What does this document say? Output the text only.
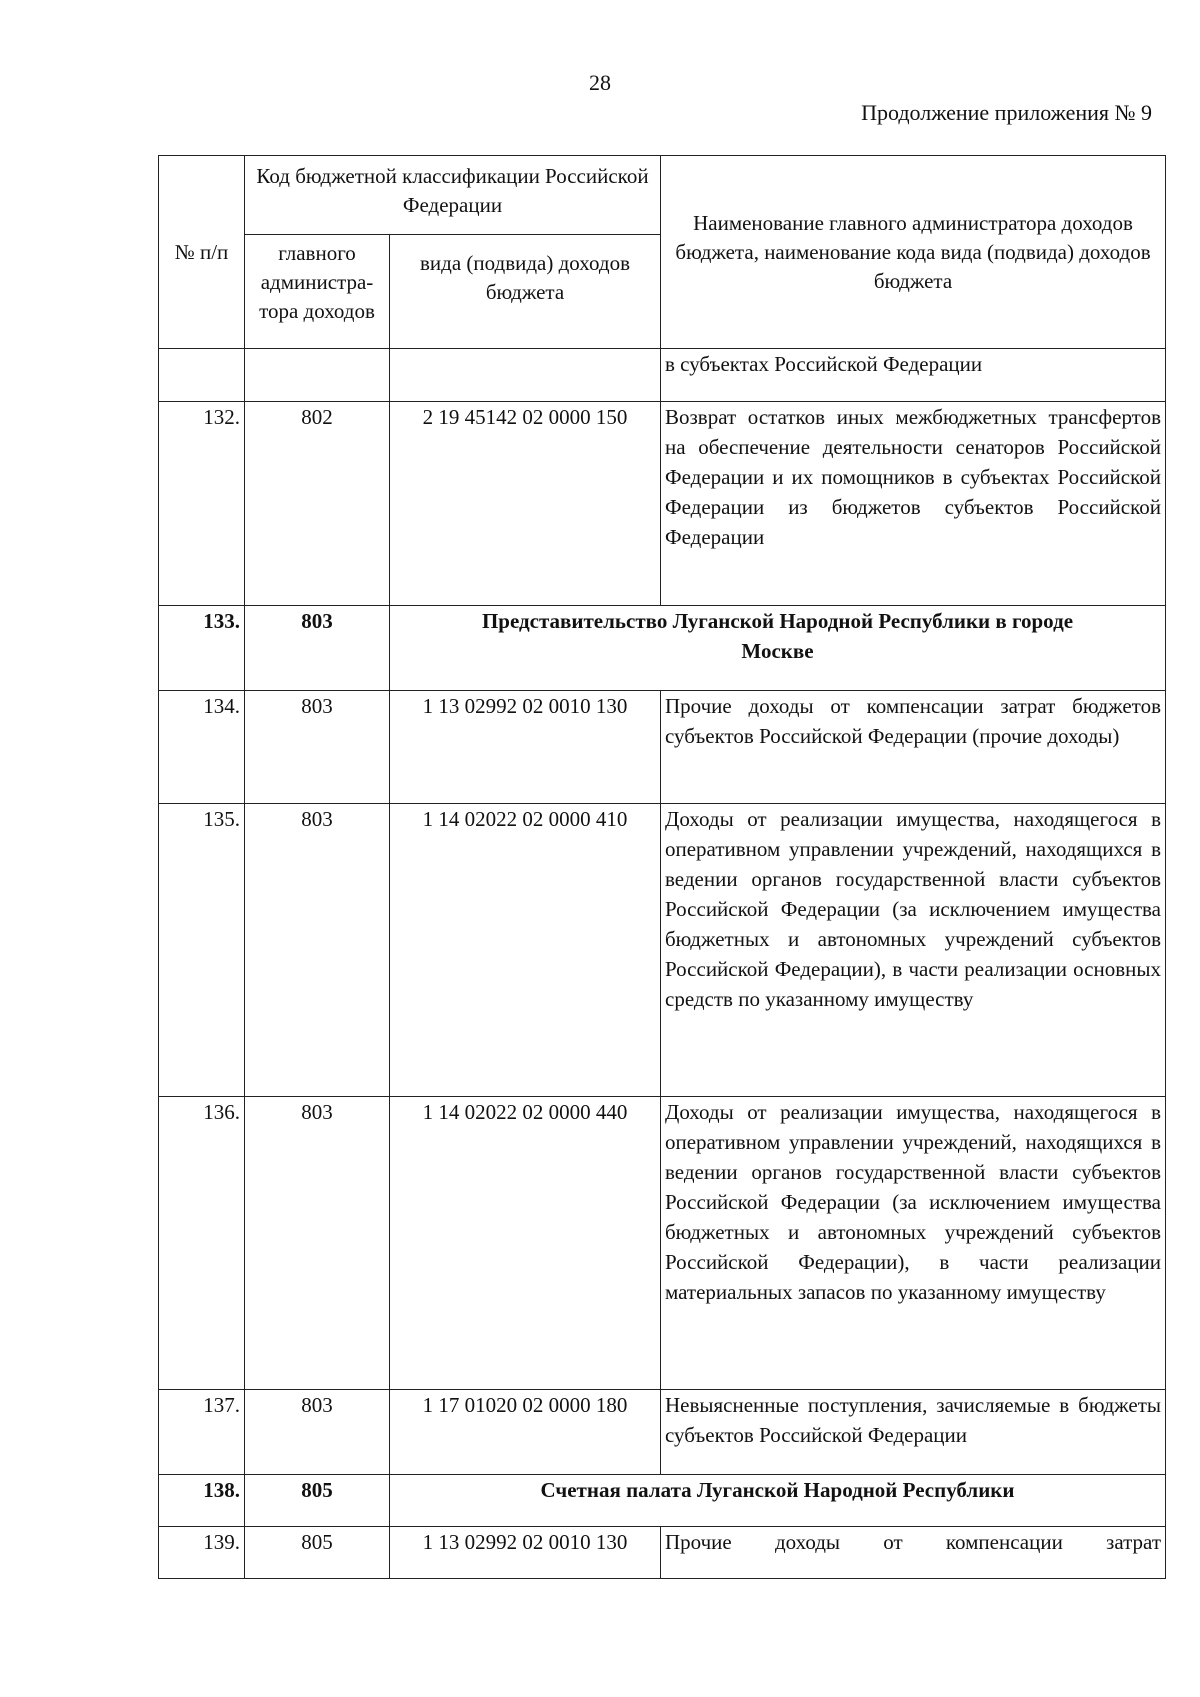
28
Продолжение приложения № 9
№ п/п	Код бюджетной классификации Российской Федерации		Наименование главного администратора доходов бюджета, наименование кода вида (подвида) доходов бюджета
	главного администра-тора доходов	вида (подвида) доходов бюджета	
			в субъектах Российской Федерации
132.	802	2 19 45142 02 0000 150	Возврат остатков иных межбюджетных трансфертов на обеспечение деятельности сенаторов Российской Федерации и их помощников в субъектах Российской Федерации из бюджетов субъектов Российской Федерации
133.	803	Представительство Луганской Народной Республики в городе Москве	
134.	803	1 13 02992 02 0010 130	Прочие доходы от компенсации затрат бюджетов субъектов Российской Федерации (прочие доходы)
135.	803	1 14 02022 02 0000 410	Доходы от реализации имущества, находящегося в оперативном управлении учреждений, находящихся в ведении органов государственной власти субъектов Российской Федерации (за исключением имущества бюджетных и автономных учреждений субъектов Российской Федерации), в части реализации основных средств по указанному имуществу
136.	803	1 14 02022 02 0000 440	Доходы от реализации имущества, находящегося в оперативном управлении учреждений, находящихся в ведении органов государственной власти субъектов Российской Федерации (за исключением имущества бюджетных и автономных учреждений субъектов Российской Федерации), в части реализации материальных запасов по указанному имуществу
137.	803	1 17 01020 02 0000 180	Невыясненные поступления, зачисляемые в бюджеты субъектов Российской Федерации
138.	805	Счетная палата Луганской Народной Республики	
139.	805	1 13 02992 02 0010 130	Прочие доходы от компенсации затрат
